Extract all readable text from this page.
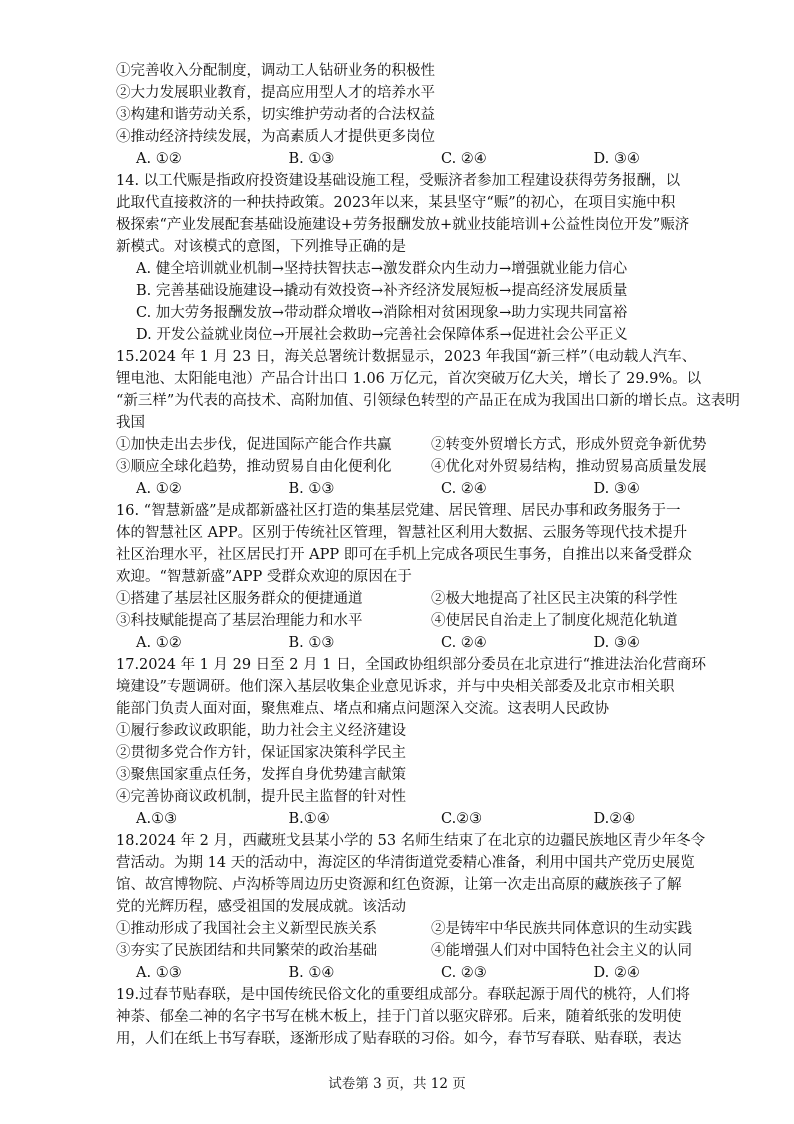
①完善收入分配制度，调动工人钻研业务的积极性
②大力发展职业教育，提高应用型人才的培养水平
③构建和谐劳动关系，切实维护劳动者的合法权益
④推动经济持续发展，为高素质人才提供更多岗位
A. ①②	B. ①③	C. ②④	D. ③④
14. 以工代赈是指政府投资建设基础设施工程，受赈济者参加工程建设获得劳务报酬，以
此取代直接救济的一种扶持政策。2023年以来，某县坚守“赈”的初心，在项目实施中积
极探索“产业发展配套基础设施建设+劳务报酬发放+就业技能培训+公益性岗位开发”赈济
新模式。对该模式的意图，下列推导正确的是
A. 健全培训就业机制→坚持扶智扶志→激发群众内生动力→增强就业能力信心
B. 完善基础设施建设→撬动有效投资→补齐经济发展短板→提高经济发展质量
C. 加大劳务报酬发放→带动群众增收→消除相对贫困现象→助力实现共同富裕
D. 开发公益就业岗位→开展社会救助→完善社会保障体系→促进社会公平正义
15.2024 年 1 月 23 日，海关总署统计数据显示，2023 年我国“新三样”（电动载人汽车、
锂电池、太阳能电池）产品合计出口 1.06 万亿元，首次突破万亿大关，增长了 29.9%。以
“新三样”为代表的高技术、高附加值、引领绿色转型的产品正在成为我国出口新的增长点。这表明我国
①加快走出去步伐，促进国际产能合作共赢	②转变外贸增长方式，形成外贸竞争新优势
③顺应全球化趋势，推动贸易自由化便利化	④优化对外贸易结构，推动贸易高质量发展
A. ①②	B. ①③	C. ②④	D. ③④
16. “智慧新盛”是成都新盛社区打造的集基层党建、居民管理、居民办事和政务服务于一
体的智慧社区 APP。区别于传统社区管理，智慧社区利用大数据、云服务等现代技术提升
社区治理水平，社区居民打开 APP 即可在手机上完成各项民生事务，自推出以来备受群众
欢迎。“智慧新盛”APP 受群众欢迎的原因在于
①搭建了基层社区服务群众的便捷通道	②极大地提高了社区民主决策的科学性
③科技赋能提高了基层治理能力和水平	④使居民自治走上了制度化规范化轨道
A. ①②	B. ①③	C. ②④	D. ③④
17.2024 年 1 月 29 日至 2 月 1 日，全国政协组织部分委员在北京进行“推进法治化营商环
境建设”专题调研。他们深入基层收集企业意见诉求，并与中央相关部委及北京市相关职
能部门负责人面对面，聚焦难点、堵点和痛点问题深入交流。这表明人民政协
①履行参政议政职能，助力社会主义经济建设
②贯彻多党合作方针，保证国家决策科学民主
③聚焦国家重点任务，发挥自身优势建言献策
④完善协商议政机制，提升民主监督的针对性
A.①③	B.①④	C.②③	D.②④
18.2024 年 2 月，西藏班戈县某小学的 53 名师生结束了在北京的边疆民族地区青少年冬令
营活动。为期 14 天的活动中，海淀区的华清街道党委精心准备，利用中国共产党历史展览
馆、故宫博物院、卢沟桥等周边历史资源和红色资源，让第一次走出高原的藏族孩子了解
党的光辉历程，感受祖国的发展成就。该活动
①推动形成了我国社会主义新型民族关系	②是铸牢中华民族共同体意识的生动实践
③夯实了民族团结和共同繁荣的政治基础	④能增强人们对中国特色社会主义的认同
A. ①③	B. ①④	C. ②③	D. ②④
19.过春节贴春联，是中国传统民俗文化的重要组成部分。春联起源于周代的桃符，人们将
神荼、郁垒二神的名字书写在桃木板上，挂于门首以驱灾辟邪。后来，随着纸张的发明使
用，人们在纸上书写春联，逐渐形成了贴春联的习俗。如今，春节写春联、贴春联，表达
试卷第 3 页，共 12 页
